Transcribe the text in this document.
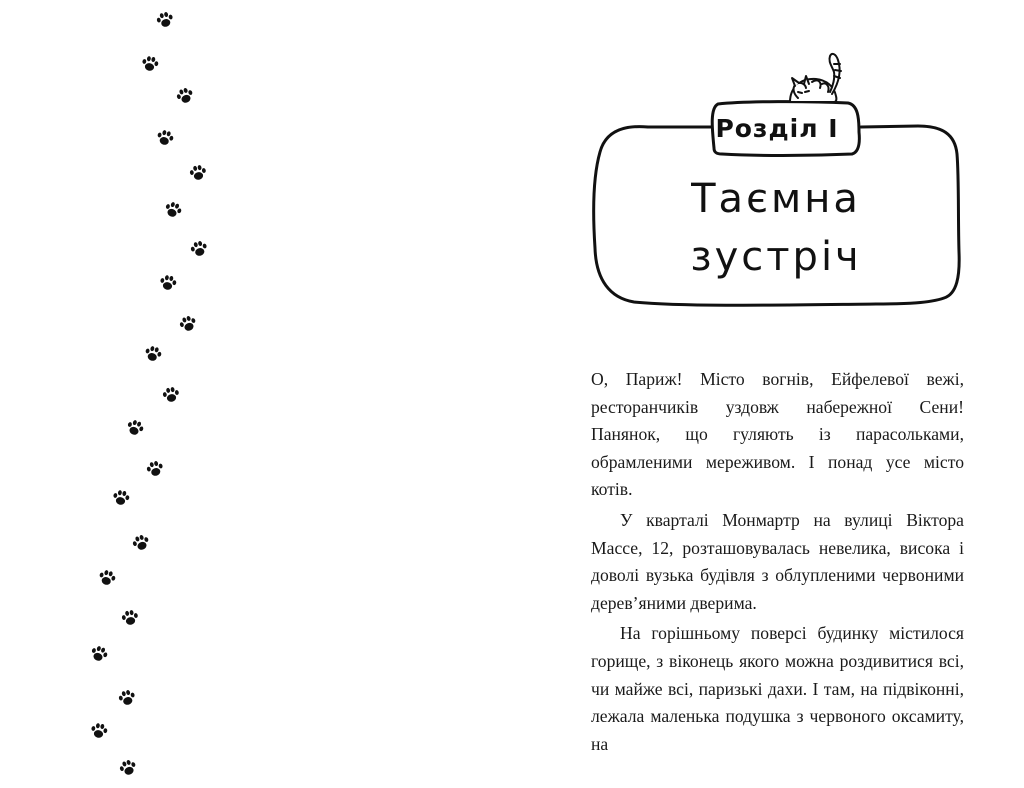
Розділ I
Таємна
зустріч

О, Париж! Місто вогнів, Ейфелевої вежі, ресторанчиків уздовж набережної Сени! Панянок, що гуляють із парасольками, обрамленими мереживом. І понад усе місто котів.

У кварталі Монмартр на вулиці Віктора Массе, 12, розташовувалась невелика, висока і доволі вузька будівля з облупленими червоними дерев’яними дверима.

На горішньому поверсі будинку містилося горище, з віконець якого можна роздивитися всі, чи майже всі, паризькі дахи. І там, на підвіконні, лежала маленька подушка з червоного оксамиту, на
